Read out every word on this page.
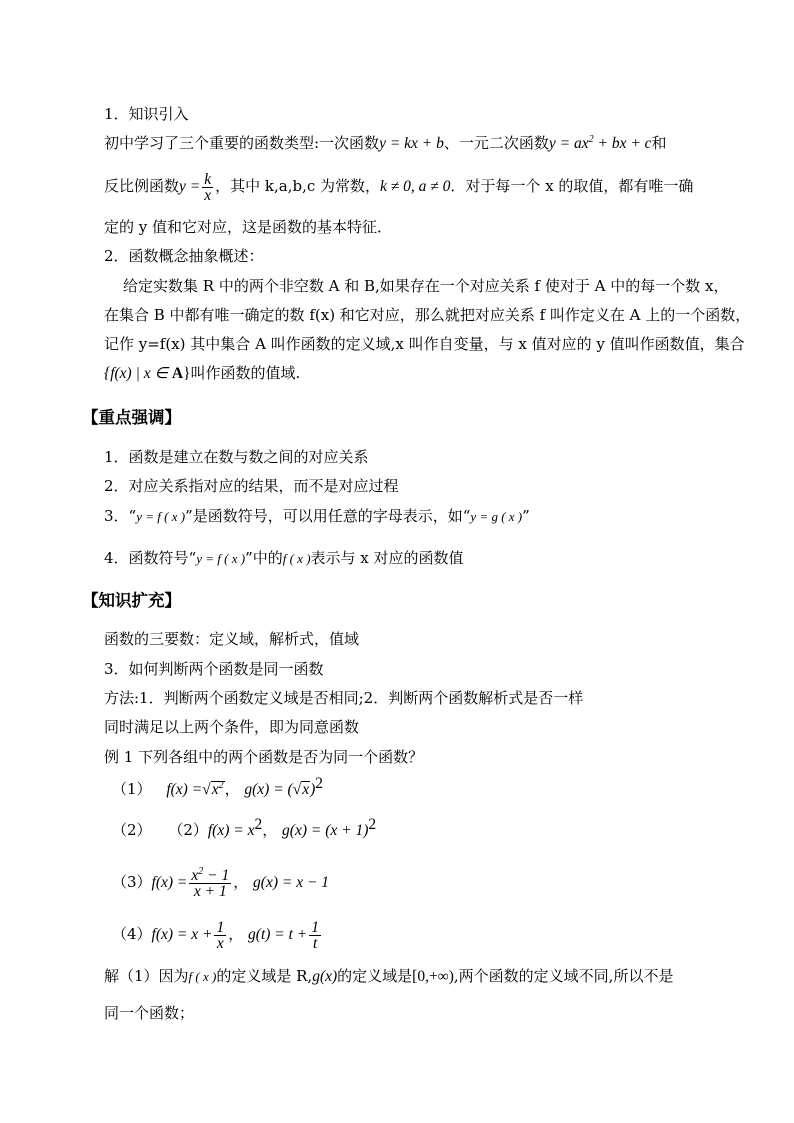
1．知识引入
初中学习了三个重要的函数类型:一次函数y = kx + b、一元二次函数$y = ax^2$ + bx + c和
反比例函数$y = \frac{k}{x}$ ，其中 k,a,b,c 为常数，k ≠ 0, a ≠ 0．对于每一个 x 的取值，都有唯一确
定的 y 值和它对应，这是函数的基本特征．
2．函数概念抽象概述：
给定实数集 R 中的两个非空数 A 和 B,如果存在一个对应关系 f 使对于 A 中的每一个数 x，
在集合 B 中都有唯一确定的数 f(x) 和它对应，那么就把对应关系 f 叫作定义在 A 上的一个函数，
记作 y=f(x) 其中集合 A 叫作函数的定义域,x 叫作自变量，与 x 值对应的 y 值叫作函数值，集合
{f(x) | x ∈ A}叫作函数的值域.
【重点强调】
1．函数是建立在数与数之间的对应关系
2．对应关系指对应的结果，而不是对应过程
3．“y = f ( x )”是函数符号，可以用任意的字母表示，如“y = g ( x )”
4．函数符号“y = f ( x )”中的f ( x )表示与 x 对应的函数值
【知识扩充】
函数的三要数：定义域，解析式，值域
3．如何判断两个函数是同一函数
方法:1．判断两个函数定义域是否相同;2．判断两个函数解析式是否一样
同时满足以上两个条件，即为同意函数
例 1 下列各组中的两个函数是否为同一个函数？
（1） $f(x) =√x^2$， $g(x) = (√x)^2$
（2） $(2)f(x) = x^2$， $g(x) = (x + 1)^2$
$(3)f(x) = \frac{x^2 - 1}{x + 1}$ ， g(x) = x − 1
$(4)f(x) = x + \frac{1}{x}$ ， $g(t) = t + \frac{1}{t}$
解（1）因为f ( x )的定义域是 R,g(x)的定义域是[0,+∞),两个函数的定义域不同,所以不是
同一个函数；
